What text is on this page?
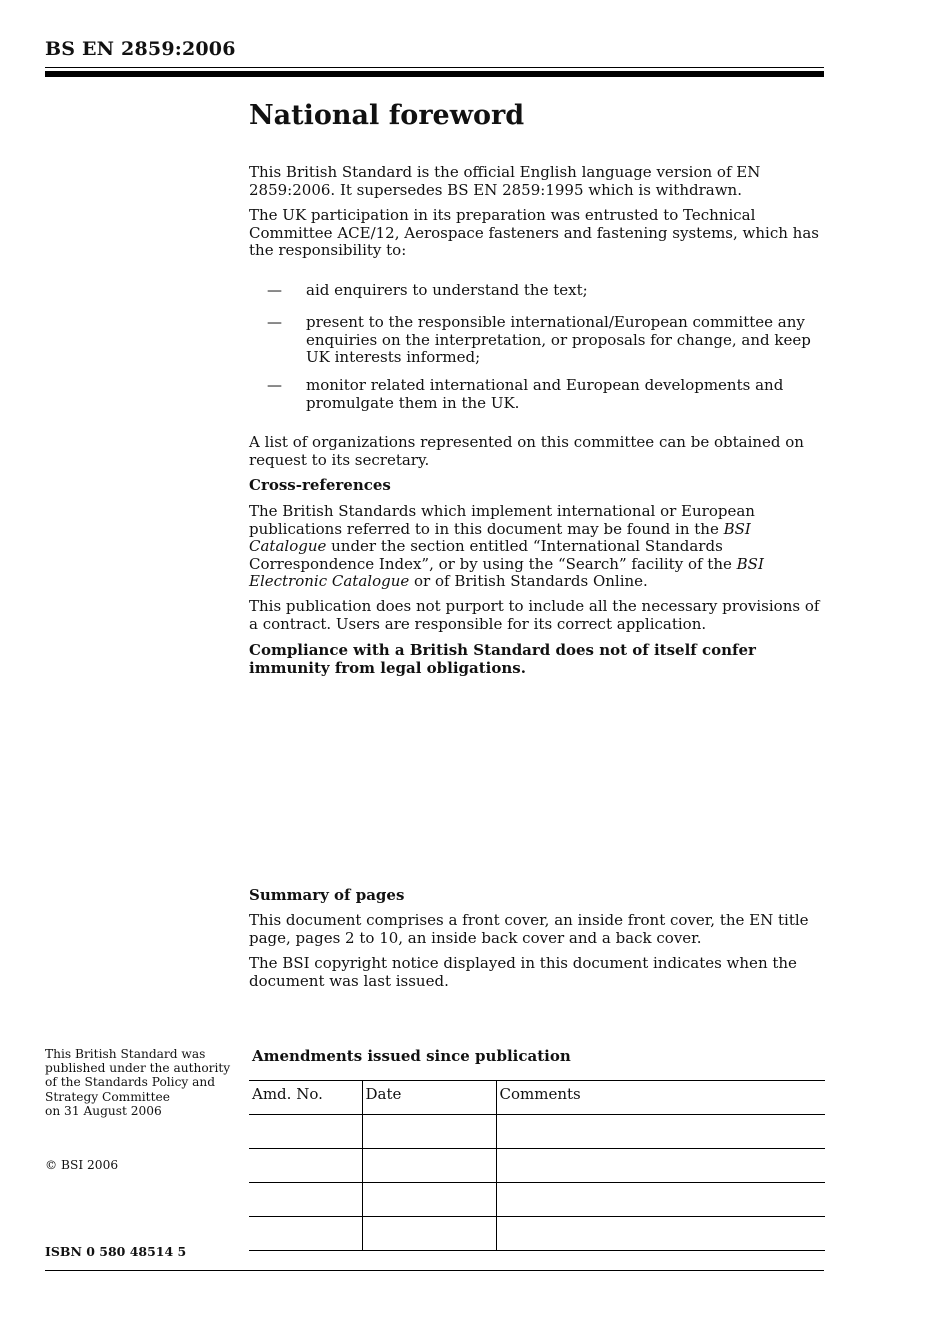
BS EN 2859:2006
National foreword

This British Standard is the official English language version of EN 2859:2006. It supersedes BS EN 2859:1995 which is withdrawn.

The UK participation in its preparation was entrusted to Technical Committee ACE/12, Aerospace fasteners and fastening systems, which has the responsibility to:

— aid enquirers to understand the text;
— present to the responsible international/European committee any enquiries on the interpretation, or proposals for change, and keep UK interests informed;
— monitor related international and European developments and promulgate them in the UK.

A list of organizations represented on this committee can be obtained on request to its secretary.

Cross-references

The British Standards which implement international or European publications referred to in this document may be found in the BSI Catalogue under the section entitled “International Standards Correspondence Index”, or by using the “Search” facility of the BSI Electronic Catalogue or of British Standards Online.

This publication does not purport to include all the necessary provisions of a contract. Users are responsible for its correct application.

Compliance with a British Standard does not of itself confer immunity from legal obligations.
Summary of pages

This document comprises a front cover, an inside front cover, the EN title page, pages 2 to 10, an inside back cover and a back cover.

The BSI copyright notice displayed in this document indicates when the document was last issued.

This British Standard was
published under the authority
of the Standards Policy and
Strategy Committee
on 31 August 2006
© BSI 2006
ISBN 0 580 48514 5
Amendments issued since publication
Amd. No.	Date	Comments
